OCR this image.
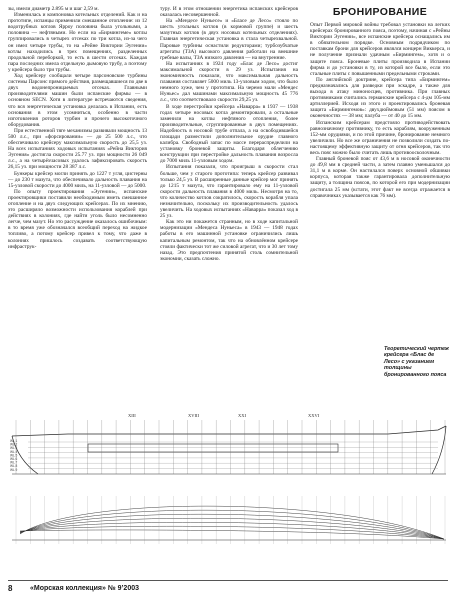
зы, имели диаметр 2.895 м и шаг 2,59 м.

Изменилась и компоновка котельных отделений. Как и на прототипе, испанцы применили смешанное отопление: из 12 водотрубных котлов Ярроу половина была угольными, а половина — нефтяными. Но если на «Бирмингеме» котлы группировались в четырех отсеках по три котла, из-за чего он имел четыре трубы, то на «Рейне Виктории Эугении» котлы находились в трех помещениях, разделенных продольной переборкой, то есть в шести отсеках. Каждая пара последних имела отдельную дымовую трубу, а поэтому у крейсера было три трубы.

Ход крейсеру сообщали четыре парсоновские турбины системы Парсонс прямого действия, размещавшиеся по две в двух водонепроницаемых отсеках. Главными производителями машин были испанские фирмы — в основном SECN. Хотя в литературе встречаются сведения, что вся энергетическая установка делалась в Испании, есть основания в этом усомниться, особенно в части изготовления роторов турбин и прочего высокоточного оборудования.

При естественной тяге механизмы развивали мощность 13 500 л.с., при «форсировании» — до 25 500 л.с., что обеспечивало крейсеру максимальную скорость до 25,5 уз. На всех испытаниях ходовых испытаниях «Рейна Виктория Эугения» достигла скорости 25.77 уз. при мощности 26 049 л.с., а на четырёхчасовых удалось зафиксировать скорость 26,15 уз. при мощности 28 387 л.с.

Бункеры крейсер могли принять до 1227 т угля, цистерны — до 230 т мазута, что обеспечивало дальность плавания на 15-узловой скорости до 4000 миль, на 11-узловой — до 5000.

По опыту проектирования «Эугении», испанские проектировщики поставили необходимым иметь смешанное отопление и на двух следующих крейсерах. По их мнению, это расширяло возможности использования кораблей при действиях в колониях, где найти уголь было несомненно легче, чем мазут. Но это рассуждение оказалось ошибочным: в то время уже обозначался всеобщий переход на жидкое топливо, а потому крейсер привел к тому, что даже в колониях пришлось создавать соответствующую инфраструк-

туру. И в этом отношении энергетика испанских крейсеров оказалась несовершенной.

На «Мендесе Нуньесе» и «Бласе де Лесо» стояло по шесть угольных котлов (в кормовой группе) и шесть мазутных котлов (в двух носовых котельных отделениях). Главная энергетическая установка в стала четырехвальной. Паровые турбины оснастили редукторами; турбозубчатые агрегаты (ТЗА) высокого давления работали на внешние гребные валы, ТЗА низкого давления — на внутренние.

На испытаниях в 1924 году «Блас де Лесо» достиг максимальной скорости в 29 уз. Испытания на экономичность показали, что максимальная дальность плавания составляет 5000 миль 13-узловым ходом, что было немного хуже, чем у прототипа. На черемо мали «Мендес Нуньес» дал машинами максимальную мощность 45 776 л.с., что соответствовало скорости 29,25 уз.

В ходе перестройки крейсера «Наварра» в 1937 — 1938 годах четыре носовых котла демонтировали, а остальные заменили на котлы нефтяного отопления, более производительные, сгруппированные в двух помещениях. Надобность в носовой трубе отпала, а на освободившейся площади разместили дополнительное орудие главного калибра. Свободный запас по массе перераспределили на установку броневой защиты. Благодаря облегчению конструкции при перестройке дальность плавания возросла до 7000 миль 11-узловым ходом.

Испытания показали, что проигрыш в скорости стал больше, чем у старого прототипа: теперь крейсер развивал только 24,5 уз. В расширенные данные крейсер мог принять до 1215 т мазута, что гарантировало ему на 11-узловой скорости дальность плавания в 4000 миль. Несмотря на то, что количество котлов сократилось, скорость корабля упала незначительно, поскольку их производительность удалось увеличить. На ходовых испытаниях «Наварра» показал ход в 25 уз.

Как это ни покажется странным, но в ходе капитальной модернизации «Мендеса Нуньеса» в 1943 — 1948 годах работы в его машинной установке ограничились лишь капитальным ремонтом, так что на обновлённом крейсере стояли фактически тот же силовой агрегат, что и 30 лет тому назад. Это предпочтения принятой столь сомнительной экономии, сказать сложно.

БРОНИРОВАНИЕ

Опыт Первой мировой войны требовал установки на легких крейсерах бронированного пояса, поэтому, начиная с «Рейны Виктории Эугении», все испанские крейсера оснащались им в обязательном порядке. Основным подрядчиком по поставкам брони для крейсеров являлся концерн Виккерса, и не получение признали удачным «Бирмингем», хотя и о защите пояса. Броневые плиты производила в Испании фирма и до установки в ту, из которой все было, если это стальные плиты с повышенными предельными строками.

По английской доктрине, крейсера типа «Бирмингем» предназначались для разведки при эскадре, а также для выхода в атаку миноносцев, противника. При главных противниками считались германские крейсера с 4-дм 105-мм артиллерией. Исходя из этого и проектировались броневая защита «Бирмингемов»: двухдюймовым (51 мм) поясом в оконечностях — 38 мм; палуба — от 40 до 15 мм.

Испанским крейсерам предстояло противодействовать равнозначному противнику, то есть кораблям, вооруженным 152-мм орудиями, и по этой причине, бронирование немного увеличили. Но все же ограничения не позволили создать по-настоящему эффективную защиту от огня крейсеров, так что весь пояс можно было считать лишь противоосколочным.

Главный броневой пояс от 43,6 м в носовой оконечности до 49,8 мм в средней части, а затем плавно уменьшался до 31,1 м в корме. Он настилался поверх основной обшивки корпуса, которая также гарантировала дополнительную защиту, а толщина поясов, по которой его при модернизации достигала 25 мм (кстати, этот факт не всегда отражается в справочниках указывается как 76 мм).

Теоретический чертеж крейсера «Блас де Лесо» с указанием толщины бронированного пояса
XIII	XVIII	XXI	XXVI
WL 1
WL 2
WL 3
WL 4
WL 5
WL 6
WL 7
WL 8
WL 9
8	«Морская коллекция» № 9’2003
